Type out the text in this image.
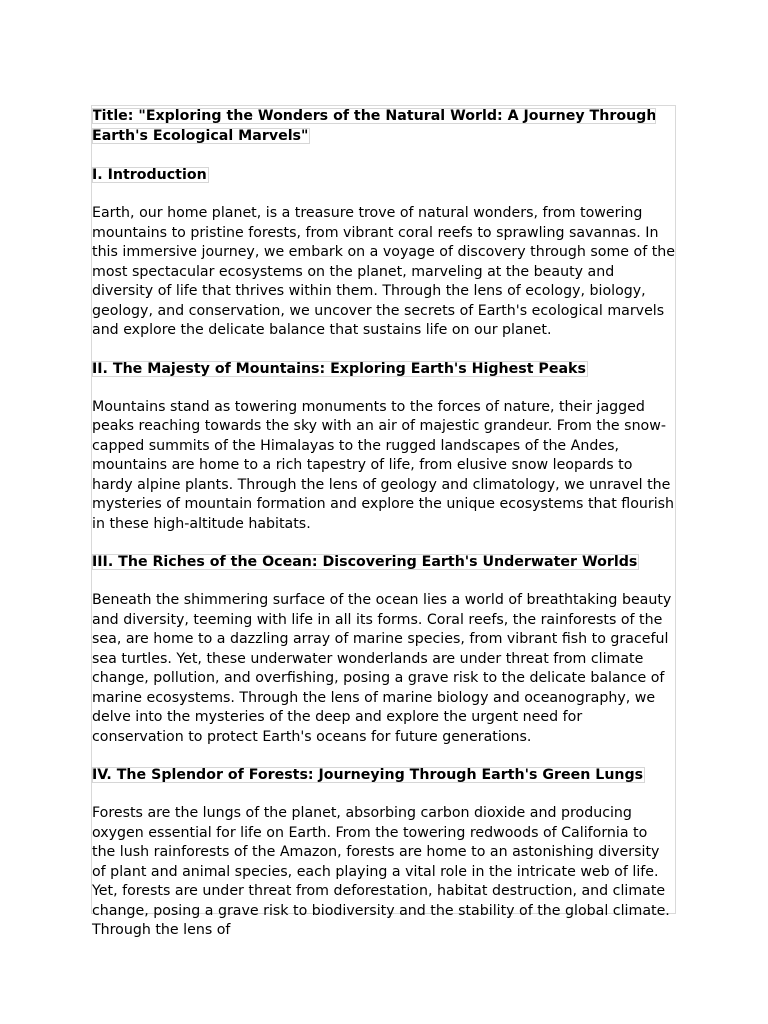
Title: "Exploring the Wonders of the Natural World: A Journey Through Earth's Ecological Marvels"

I. Introduction

Earth, our home planet, is a treasure trove of natural wonders, from towering mountains to pristine forests, from vibrant coral reefs to sprawling savannas. In this immersive journey, we embark on a voyage of discovery through some of the most spectacular ecosystems on the planet, marveling at the beauty and diversity of life that thrives within them. Through the lens of ecology, biology, geology, and conservation, we uncover the secrets of Earth's ecological marvels and explore the delicate balance that sustains life on our planet.

II. The Majesty of Mountains: Exploring Earth's Highest Peaks

Mountains stand as towering monuments to the forces of nature, their jagged peaks reaching towards the sky with an air of majestic grandeur. From the snow-capped summits of the Himalayas to the rugged landscapes of the Andes, mountains are home to a rich tapestry of life, from elusive snow leopards to hardy alpine plants. Through the lens of geology and climatology, we unravel the mysteries of mountain formation and explore the unique ecosystems that flourish in these high-altitude habitats.

III. The Riches of the Ocean: Discovering Earth's Underwater Worlds

Beneath the shimmering surface of the ocean lies a world of breathtaking beauty and diversity, teeming with life in all its forms. Coral reefs, the rainforests of the sea, are home to a dazzling array of marine species, from vibrant fish to graceful sea turtles. Yet, these underwater wonderlands are under threat from climate change, pollution, and overfishing, posing a grave risk to the delicate balance of marine ecosystems. Through the lens of marine biology and oceanography, we delve into the mysteries of the deep and explore the urgent need for conservation to protect Earth's oceans for future generations.

IV. The Splendor of Forests: Journeying Through Earth's Green Lungs

Forests are the lungs of the planet, absorbing carbon dioxide and producing oxygen essential for life on Earth. From the towering redwoods of California to the lush rainforests of the Amazon, forests are home to an astonishing diversity of plant and animal species, each playing a vital role in the intricate web of life. Yet, forests are under threat from deforestation, habitat destruction, and climate change, posing a grave risk to biodiversity and the stability of the global climate. Through the lens of
